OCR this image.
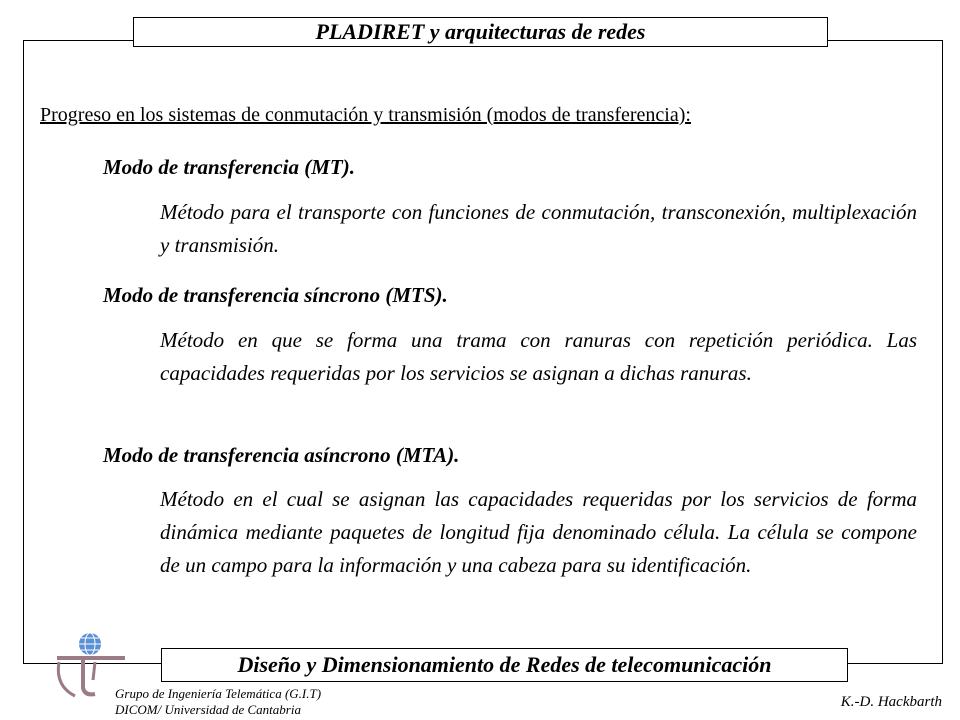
PLADIRET y arquitecturas de redes
Progreso en los sistemas de conmutación y transmisión (modos de transferencia):
Modo de transferencia (MT).
Método para el transporte con funciones de conmutación, transconexión, multiplexación y transmisión.
Modo de transferencia síncrono (MTS).
Método en que se forma una trama con ranuras con repetición periódica. Las capacidades requeridas por los servicios se asignan a dichas ranuras.
Modo de transferencia asíncrono (MTA).
Método en el cual se asignan las capacidades requeridas por los servicios de forma dinámica mediante paquetes de longitud fija denominado célula. La célula se compone de un campo para la información y una cabeza para su identificación.
Diseño y Dimensionamiento de Redes de telecomunicación
Grupo de Ingeniería Telemática (G.I.T)
DICOM/ Universidad de Cantabria	K.-D. Hackbarth
